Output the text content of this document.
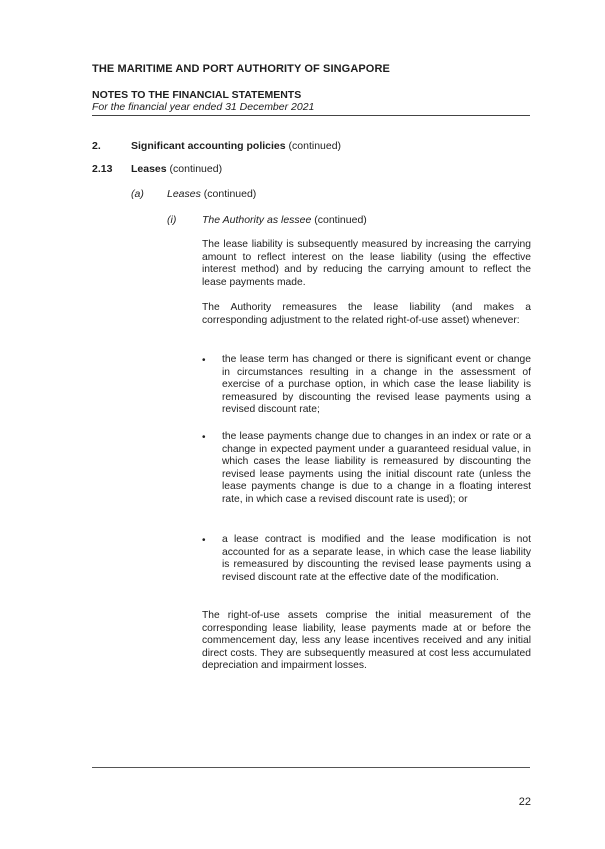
THE MARITIME AND PORT AUTHORITY OF SINGAPORE
NOTES TO THE FINANCIAL STATEMENTS
For the financial year ended 31 December 2021
2.	Significant accounting policies (continued)
2.13 Leases (continued)
(a) Leases (continued)
(i) The Authority as lessee (continued)
The lease liability is subsequently measured by increasing the carrying amount to reflect interest on the lease liability (using the effective interest method) and by reducing the carrying amount to reflect the lease payments made.
The Authority remeasures the lease liability (and makes a corresponding adjustment to the related right-of-use asset) whenever:
• the lease term has changed or there is significant event or change in circumstances resulting in a change in the assessment of exercise of a purchase option, in which case the lease liability is remeasured by discounting the revised lease payments using a revised discount rate;
• the lease payments change due to changes in an index or rate or a change in expected payment under a guaranteed residual value, in which cases the lease liability is remeasured by discounting the revised lease payments using the initial discount rate (unless the lease payments change is due to a change in a floating interest rate, in which case a revised discount rate is used); or
• a lease contract is modified and the lease modification is not accounted for as a separate lease, in which case the lease liability is remeasured by discounting the revised lease payments using a revised discount rate at the effective date of the modification.
The right-of-use assets comprise the initial measurement of the corresponding lease liability, lease payments made at or before the commencement day, less any lease incentives received and any initial direct costs. They are subsequently measured at cost less accumulated depreciation and impairment losses.
22
